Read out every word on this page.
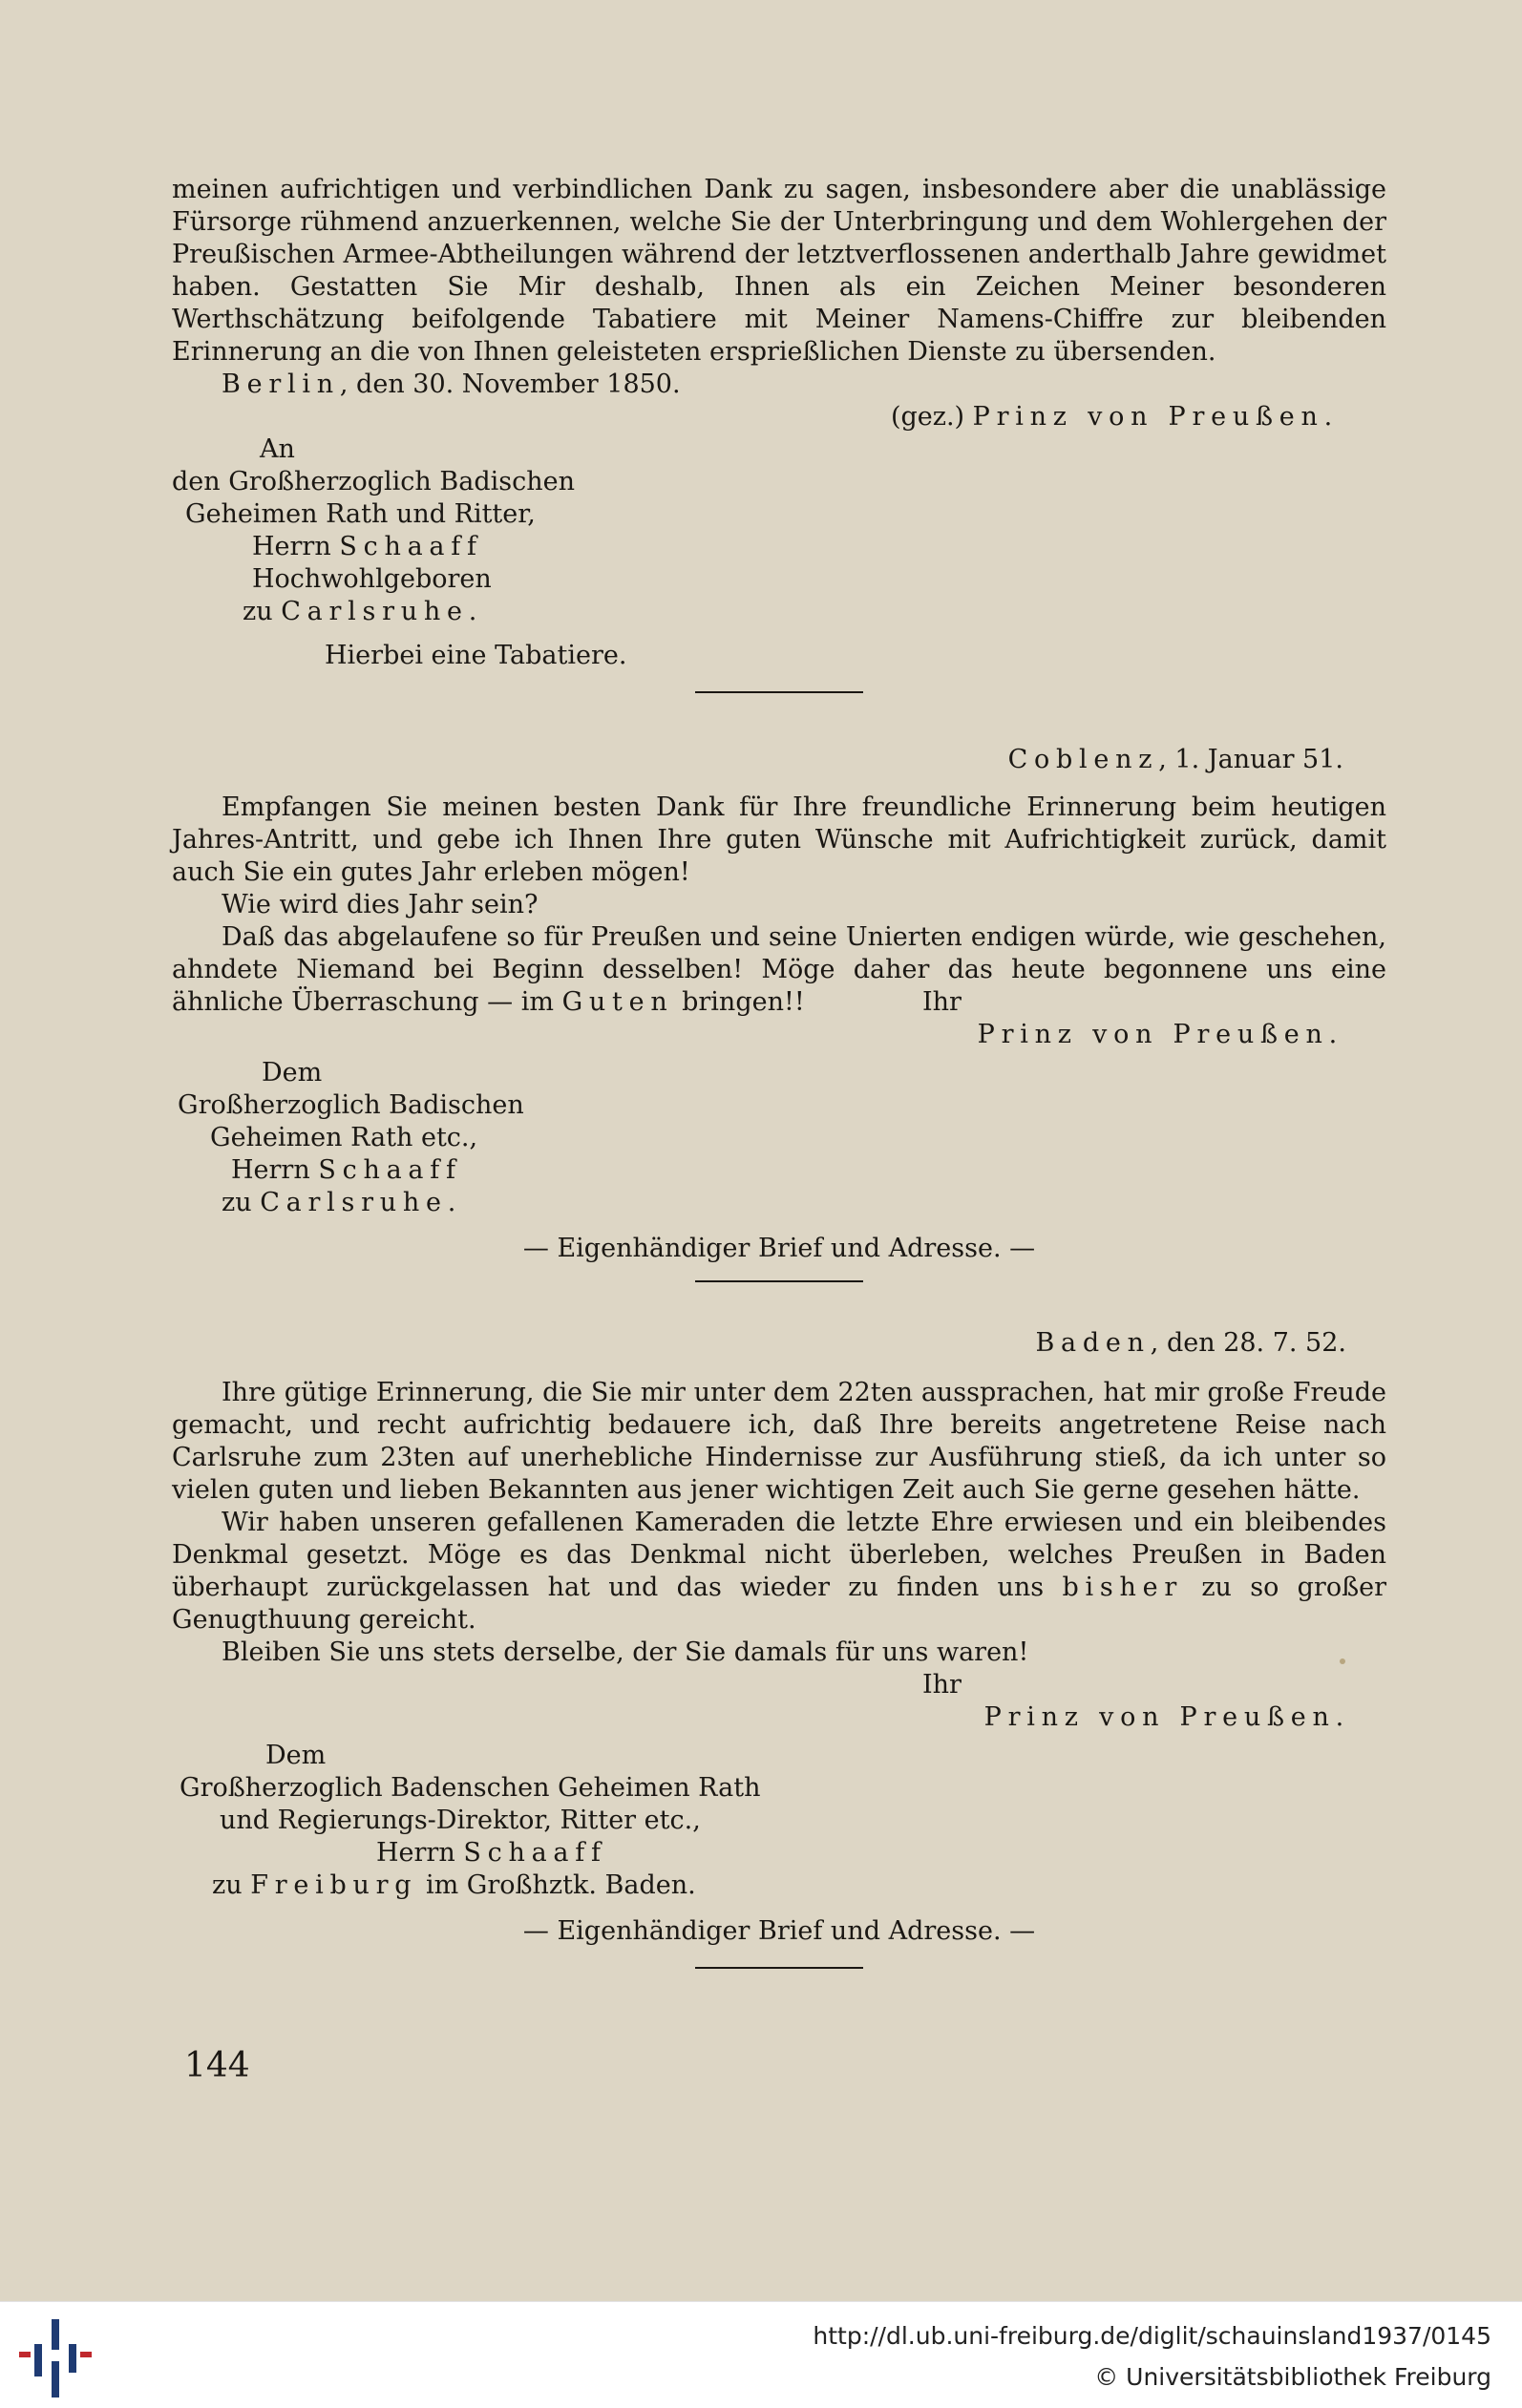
meinen aufrichtigen und verbindlichen Dank zu sagen, insbesondere aber die unablässige Fürsorge rühmend anzuerkennen, welche Sie der Unterbringung und dem Wohlergehen der Preußischen Armee-Abtheilungen während der letztverflossenen anderthalb Jahre gewidmet haben. Gestatten Sie Mir deshalb, Ihnen als ein Zeichen Meiner besonderen Werthschätzung beifolgende Tabatiere mit Meiner Namens-Chiffre zur bleibenden Erinnerung an die von Ihnen geleisteten ersprießlichen Dienste zu übersenden.

Berlin, den 30. November 1850.

(gez.) Prinz von Preußen.

An

den Großherzoglich Badischen

Geheimen Rath und Ritter,

Herrn Schaaff

Hochwohlgeboren

zu Carlsruhe.

Hierbei eine Tabatiere.

Coblenz, 1. Januar 51.

Empfangen Sie meinen besten Dank für Ihre freundliche Erinnerung beim heutigen Jahres-Antritt, und gebe ich Ihnen Ihre guten Wünsche mit Aufrichtigkeit zurück, damit auch Sie ein gutes Jahr erleben mögen!

Wie wird dies Jahr sein?

Daß das abgelaufene so für Preußen und seine Unierten endigen würde, wie geschehen, ahndete Niemand bei Beginn desselben! Möge daher das heute begonnene uns eine ähnliche Überraschung — im Guten bringen!!	Ihr

Prinz von Preußen.

Dem

Großherzoglich Badischen

Geheimen Rath etc.,

Herrn Schaaff

zu Carlsruhe.

— Eigenhändiger Brief und Adresse. —

Baden, den 28. 7. 52.

Ihre gütige Erinnerung, die Sie mir unter dem 22ten aussprachen, hat mir große Freude gemacht, und recht aufrichtig bedauere ich, daß Ihre bereits angetretene Reise nach Carlsruhe zum 23ten auf unerhebliche Hindernisse zur Ausführung stieß, da ich unter so vielen guten und lieben Bekannten aus jener wichtigen Zeit auch Sie gerne gesehen hätte.

Wir haben unseren gefallenen Kameraden die letzte Ehre erwiesen und ein bleibendes Denkmal gesetzt. Möge es das Denkmal nicht überleben, welches Preußen in Baden überhaupt zurückgelassen hat und das wieder zu finden uns bisher zu so großer Genugthuung gereicht.

Bleiben Sie uns stets derselbe, der Sie damals für uns waren!

Ihr

Prinz von Preußen.

Dem

Großherzoglich Badenschen Geheimen Rath

und Regierungs-Direktor, Ritter etc.,

Herrn Schaaff

zu Freiburg im Großhztk. Baden.

— Eigenhändiger Brief und Adresse. —

144
http://dl.ub.uni-freiburg.de/diglit/schauinsland1937/0145
© Universitätsbibliothek Freiburg
